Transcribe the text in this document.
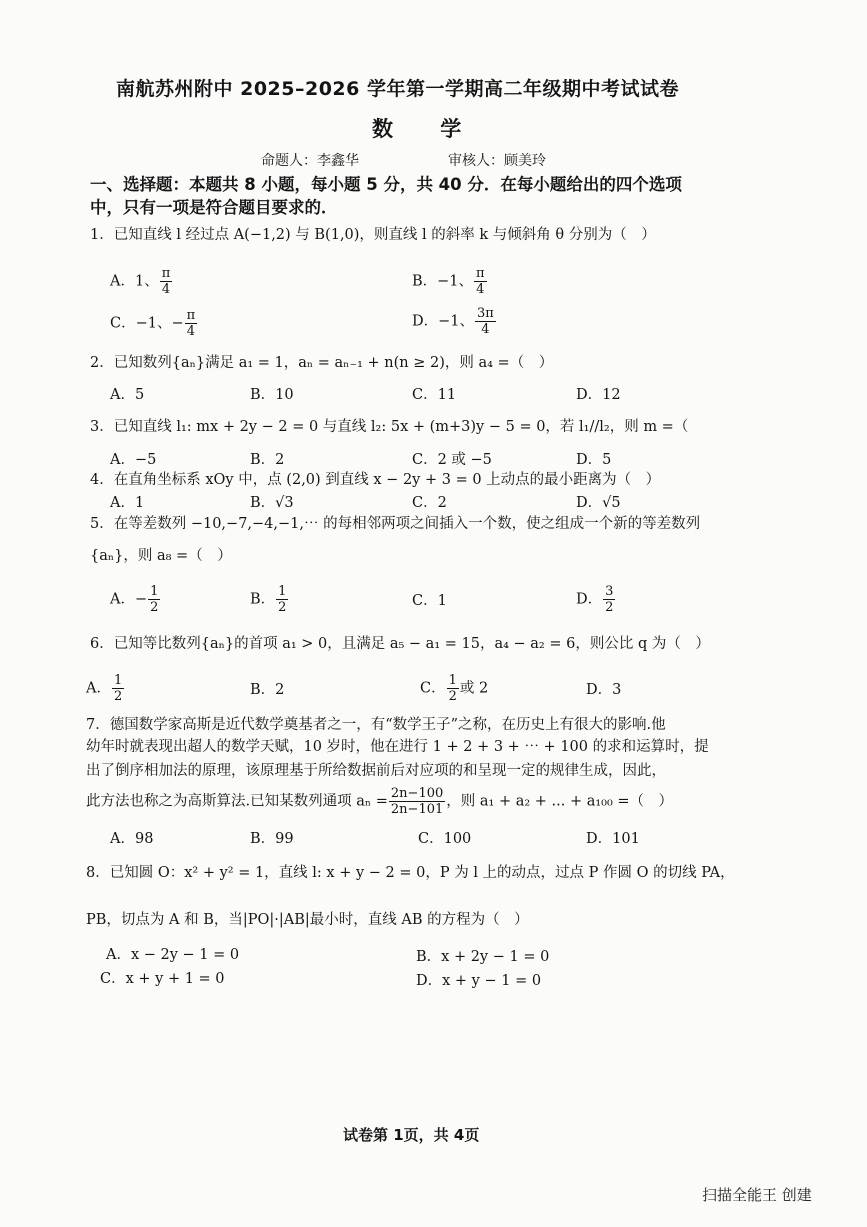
南航苏州附中 2025–2026 学年第一学期高二年级期中考试试卷
数 学
命题人：李鑫华	审核人：顾美玲
一、选择题：本题共 8 小题，每小题 5 分，共 40 分．在每小题给出的四个选项
中，只有一项是符合题目要求的．
1．已知直线 l 经过点 A(−1,2) 与 B(1,0)，则直线 l 的斜率 k 与倾斜角 θ 分别为（　）
A．1、 $\frac{\pi}{4}$	B．−1、 $\frac{\pi}{4}$
C．−1、− $\frac{\pi}{4}$	D．−1、 $\frac{3\pi}{4}$
2．已知数列{aₙ}满足 a₁ = 1，aₙ = aₙ₋₁ + n(n ≥ 2)，则 a₄ =（　）
A．5	B．10	C．11	D．12
3．已知直线 l₁: mx + 2y − 2 = 0 与直线 l₂: 5x + (m+3)y − 5 = 0，若 l₁//l₂，则 m =（
A．−5	B．2	C．2 或 −5	D．5
4．在直角坐标系 xOy 中，点 (2,0) 到直线 x − 2y + 3 = 0 上动点的最小距离为（　）
A．1	B．√3	C．2	D．√5
5．在等差数列 −10,−7,−4,−1,⋯ 的每相邻两项之间插入一个数，使之组成一个新的等差数列
{aₙ}，则 a₈ =（　）
A．− $\frac{1}{2}$	B． $\frac{1}{2}$	C．1	D． $\frac{3}{2}$
6．已知等比数列{aₙ}的首项 a₁ > 0，且满足 a₅ − a₁ = 15，a₄ − a₂ = 6，则公比 q 为（　）
A． $\frac{1}{2}$	B．2	C． $\frac{1}{2}$ 或 2	D．3
7．德国数学家高斯是近代数学奠基者之一，有“数学王子”之称，在历史上有很大的影响.他
幼年时就表现出超人的数学天赋，10 岁时，他在进行 1 + 2 + 3 + ⋯ + 100 的求和运算时，提
出了倒序相加法的原理，该原理基于所给数据前后对应项的和呈现一定的规律生成，因此，
此方法也称之为高斯算法.已知某数列通项 $a_n = \frac{2n-100}{2n-101}$ ，则 a₁ + a₂ + ... + a₁₀₀ =（　）
A．98	B．99	C．100	D．101
8．已知圆 O：x² + y² = 1，直线 l: x + y − 2 = 0，P 为 l 上的动点，过点 P 作圆 O 的切线 PA，
PB，切点为 A 和 B，当|PO|·|AB|最小时，直线 AB 的方程为（　）
A．x − 2y − 1 = 0	B．x + 2y − 1 = 0
C．x + y + 1 = 0	D．x + y − 1 = 0
试卷第 1页，共 4页
扫描全能王 创建
